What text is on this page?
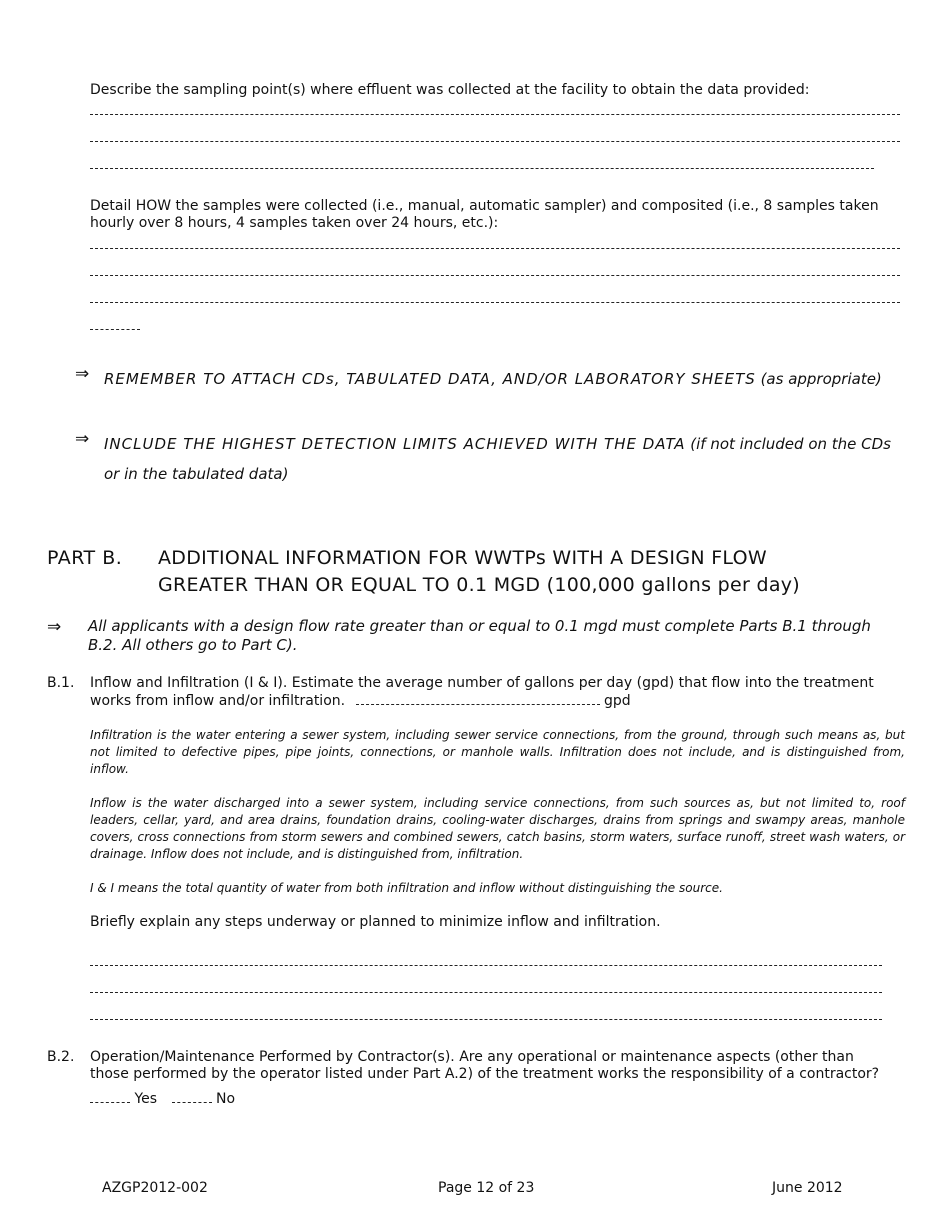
Describe the sampling point(s) where effluent was collected at the facility to obtain the data provided:
Detail HOW the samples were collected (i.e., manual, automatic sampler) and composited (i.e., 8 samples taken hourly over 8 hours, 4 samples taken over 24 hours, etc.):
⇒ REMEMBER TO ATTACH CDs, TABULATED DATA, AND/OR LABORATORY SHEETS (as appropriate)
⇒ INCLUDE THE HIGHEST DETECTION LIMITS ACHIEVED WITH THE DATA (if not included on the CDs or in the tabulated data)
PART B. ADDITIONAL INFORMATION FOR WWTPs WITH A DESIGN FLOW
GREATER THAN OR EQUAL TO 0.1 MGD (100,000 gallons per day)
⇒ All applicants with a design flow rate greater than or equal to 0.1 mgd must complete Parts B.1 through B.2. All others go to Part C).
B.1. Inflow and Infiltration (I & I). Estimate the average number of gallons per day (gpd) that flow into the treatment works from inflow and/or infiltration.	gpd
Infiltration is the water entering a sewer system, including sewer service connections, from the ground, through such means as, but not limited to defective pipes, pipe joints, connections, or manhole walls. Infiltration does not include, and is distinguished from, inflow.
Inflow is the water discharged into a sewer system, including service connections, from such sources as, but not limited to, roof leaders, cellar, yard, and area drains, foundation drains, cooling-water discharges, drains from springs and swampy areas, manhole covers, cross connections from storm sewers and combined sewers, catch basins, storm waters, surface runoff, street wash waters, or drainage. Inflow does not include, and is distinguished from, infiltration.
I & I means the total quantity of water from both infiltration and inflow without distinguishing the source.
Briefly explain any steps underway or planned to minimize inflow and infiltration.
B.2. Operation/Maintenance Performed by Contractor(s). Are any operational or maintenance aspects (other than those performed by the operator listed under Part A.2) of the treatment works the responsibility of a contractor?
Yes	No
AZGP2012-002	Page 12 of 23	June 2012
